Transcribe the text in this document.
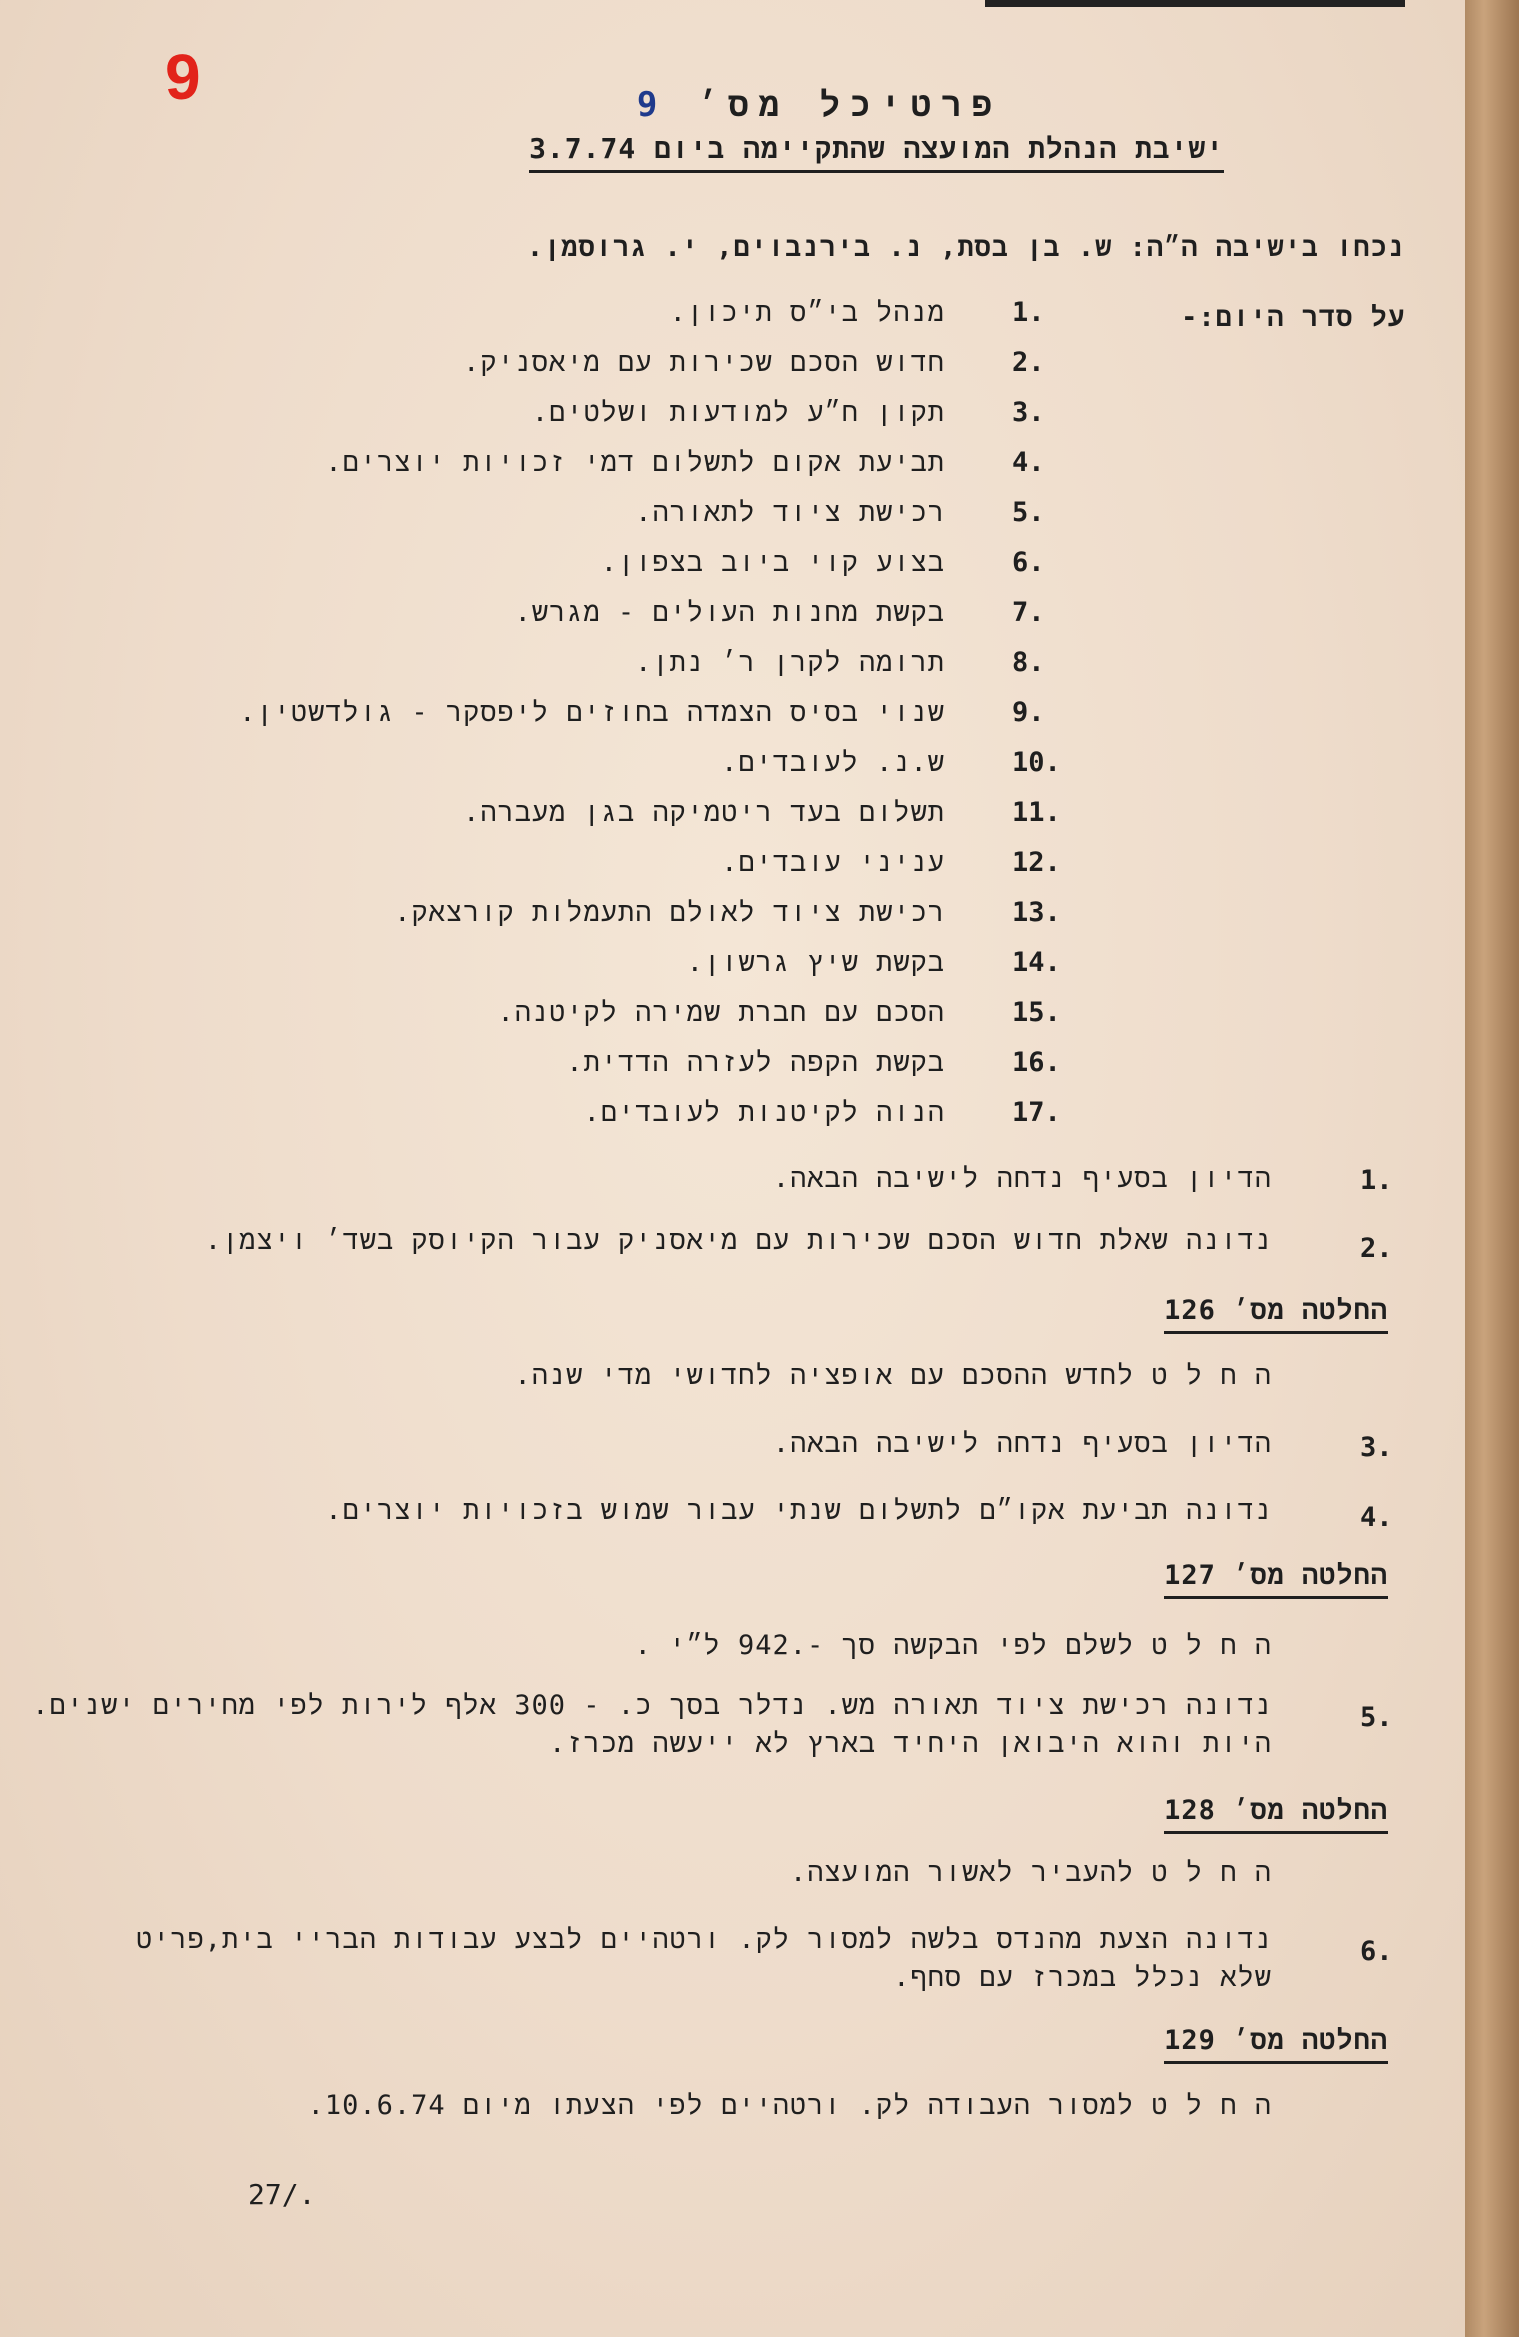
9	פרטיכל מס׳ 9
ישיבת הנהלת המועצה שהתקיימה ביום 3.7.74
נכחו בישיבה ה״ה: ש. בן בסת, נ. בירנבוים, י. גרוסמן.
על סדר היום:-
1.
מנהל בי״ס תיכון.
2.
חדוש הסכם שכירות עם מיאסניק.
3.
תקון ח״ע למודעות ושלטים.
4.
תביעת אקום לתשלום דמי זכויות יוצרים.
5.
רכישת ציוד לתאורה.
6.
בצוע קוי ביוב בצפון.
7.
בקשת מחנות העולים - מגרש.
8.
תרומה לקרן ר׳ נתן.
9.
שנוי בסיס הצמדה בחוזים ליפסקר - גולדשטין.
10.
ש.נ. לעובדים.
11.
תשלום בעד ריטמיקה בגן מעברה.
12.
עניני עובדים.
13.
רכישת ציוד לאולם התעמלות קורצאק.
14.
בקשת שיץ גרשון.
15.
הסכם עם חברת שמירה לקיטנה.
16.
בקשת הקפה לעזרה הדדית.
17.
הנוה לקיטנות לעובדים.
1.
הדיון בסעיף נדחה לישיבה הבאה.
2.
נדונה שאלת חדוש הסכם שכירות עם מיאסניק עבור הקיוסק בשד׳ ויצמן.
החלטה מס׳ 126
ה ח ל ט לחדש ההסכם עם אופציה לחדושי מדי שנה.
3.
הדיון בסעיף נדחה לישיבה הבאה.
4.
נדונה תביעת אקו״ם לתשלום שנתי עבור שמוש בזכויות יוצרים.
החלטה מס׳ 127
ה ח ל ט לשלם לפי הבקשה סך -.942 ל״י .
5.
נדונה רכישת ציוד תאורה מש. נדלר בסך כ. - 300 אלף לירות לפי מחירים ישנים.
היות והוא היבואן היחיד בארץ לא ייעשה מכרז.
החלטה מס׳ 128
ה ח ל ט להעביר לאשור המועצה.
6.
נדונה הצעת מהנדס בלשה למסור לק. ורטהיים לבצע עבודות הבריי בית,פריט
שלא נכלל במכרז עם סחף.
החלטה מס׳ 129
ה ח ל ט למסור העבודה לק. ורטהיים לפי הצעתו מיום 10.6.74.
27/.
